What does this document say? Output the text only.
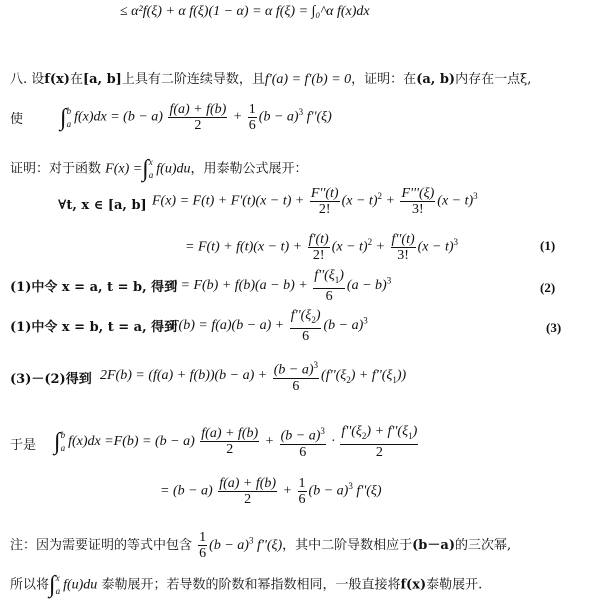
≤ α²f(ξ) + α f(ξ)(1 − α) = α f(ξ) = ∫₀^α f(x)dx
八. 设f(x)在[a, b]上具有二阶连续导数，且f'(a) = f'(b) = 0，证明：在(a, b)内存在一点ξ,
使 ∫ b
a $f(x)dx = (b - a) \frac{f(a) + f(b)}{2} + \frac{1}{6} (b - a)^3$ f''(ξ)
证明：对于函数 F(x) =∫ x
a f(u)du，用泰勒公式展开：
∀t, x ∈ [a, b] $F(x) = F(t) + F'(t)(x - t) + \frac{F''(t)}{2!} (x - t)^2 + \frac{F'''(\xi)}{3!} (x - t)^3$
= $F(t) + f(t)(x - t) + \frac{f'(t)}{2!} (x - t)^2 + \frac{f''(t)}{3!} (x - t)^3$	(1)
(1)中令 x = a, t = b, 得到
$0 = F(b) + f(b)(a - b) + \frac{f''(\xi_1)}{6} (a - b)^3$	(2)
(1)中令 x = b, t = a, 得到
$F(b) = f(a)(b - a) + \frac{f''(\xi_2)}{6} (b - a)^3$	(3)
(3)－(2)得到 $2F(b) = (f(a) + f(b))(b - a) + \frac{(b - a)^3}{6} (f''(\xi_2) + f''(\xi_1))$
于是 ∫ b
a $f(x)dx =F(b) = (b - a) \frac{f(a) + f(b)}{2} + \frac{(b - a)^3}{6} \cdot \frac{f''(\xi_2) + f''(\xi_1)}{2}$
= $(b - a) \frac{f(a) + f(b)}{2} + \frac{1}{6} (b - a)^3$ f''(ξ)
注：因为需要证明的等式中包含 $\frac{1}{6} (b - a)^3$ f''(ξ)，其中二阶导数相应于(b－a)的三次幂,
所以将∫ x
a f(u)du 泰勒展开；若导数的阶数和幂指数相同，一般直接将f(x)泰勒展开.
